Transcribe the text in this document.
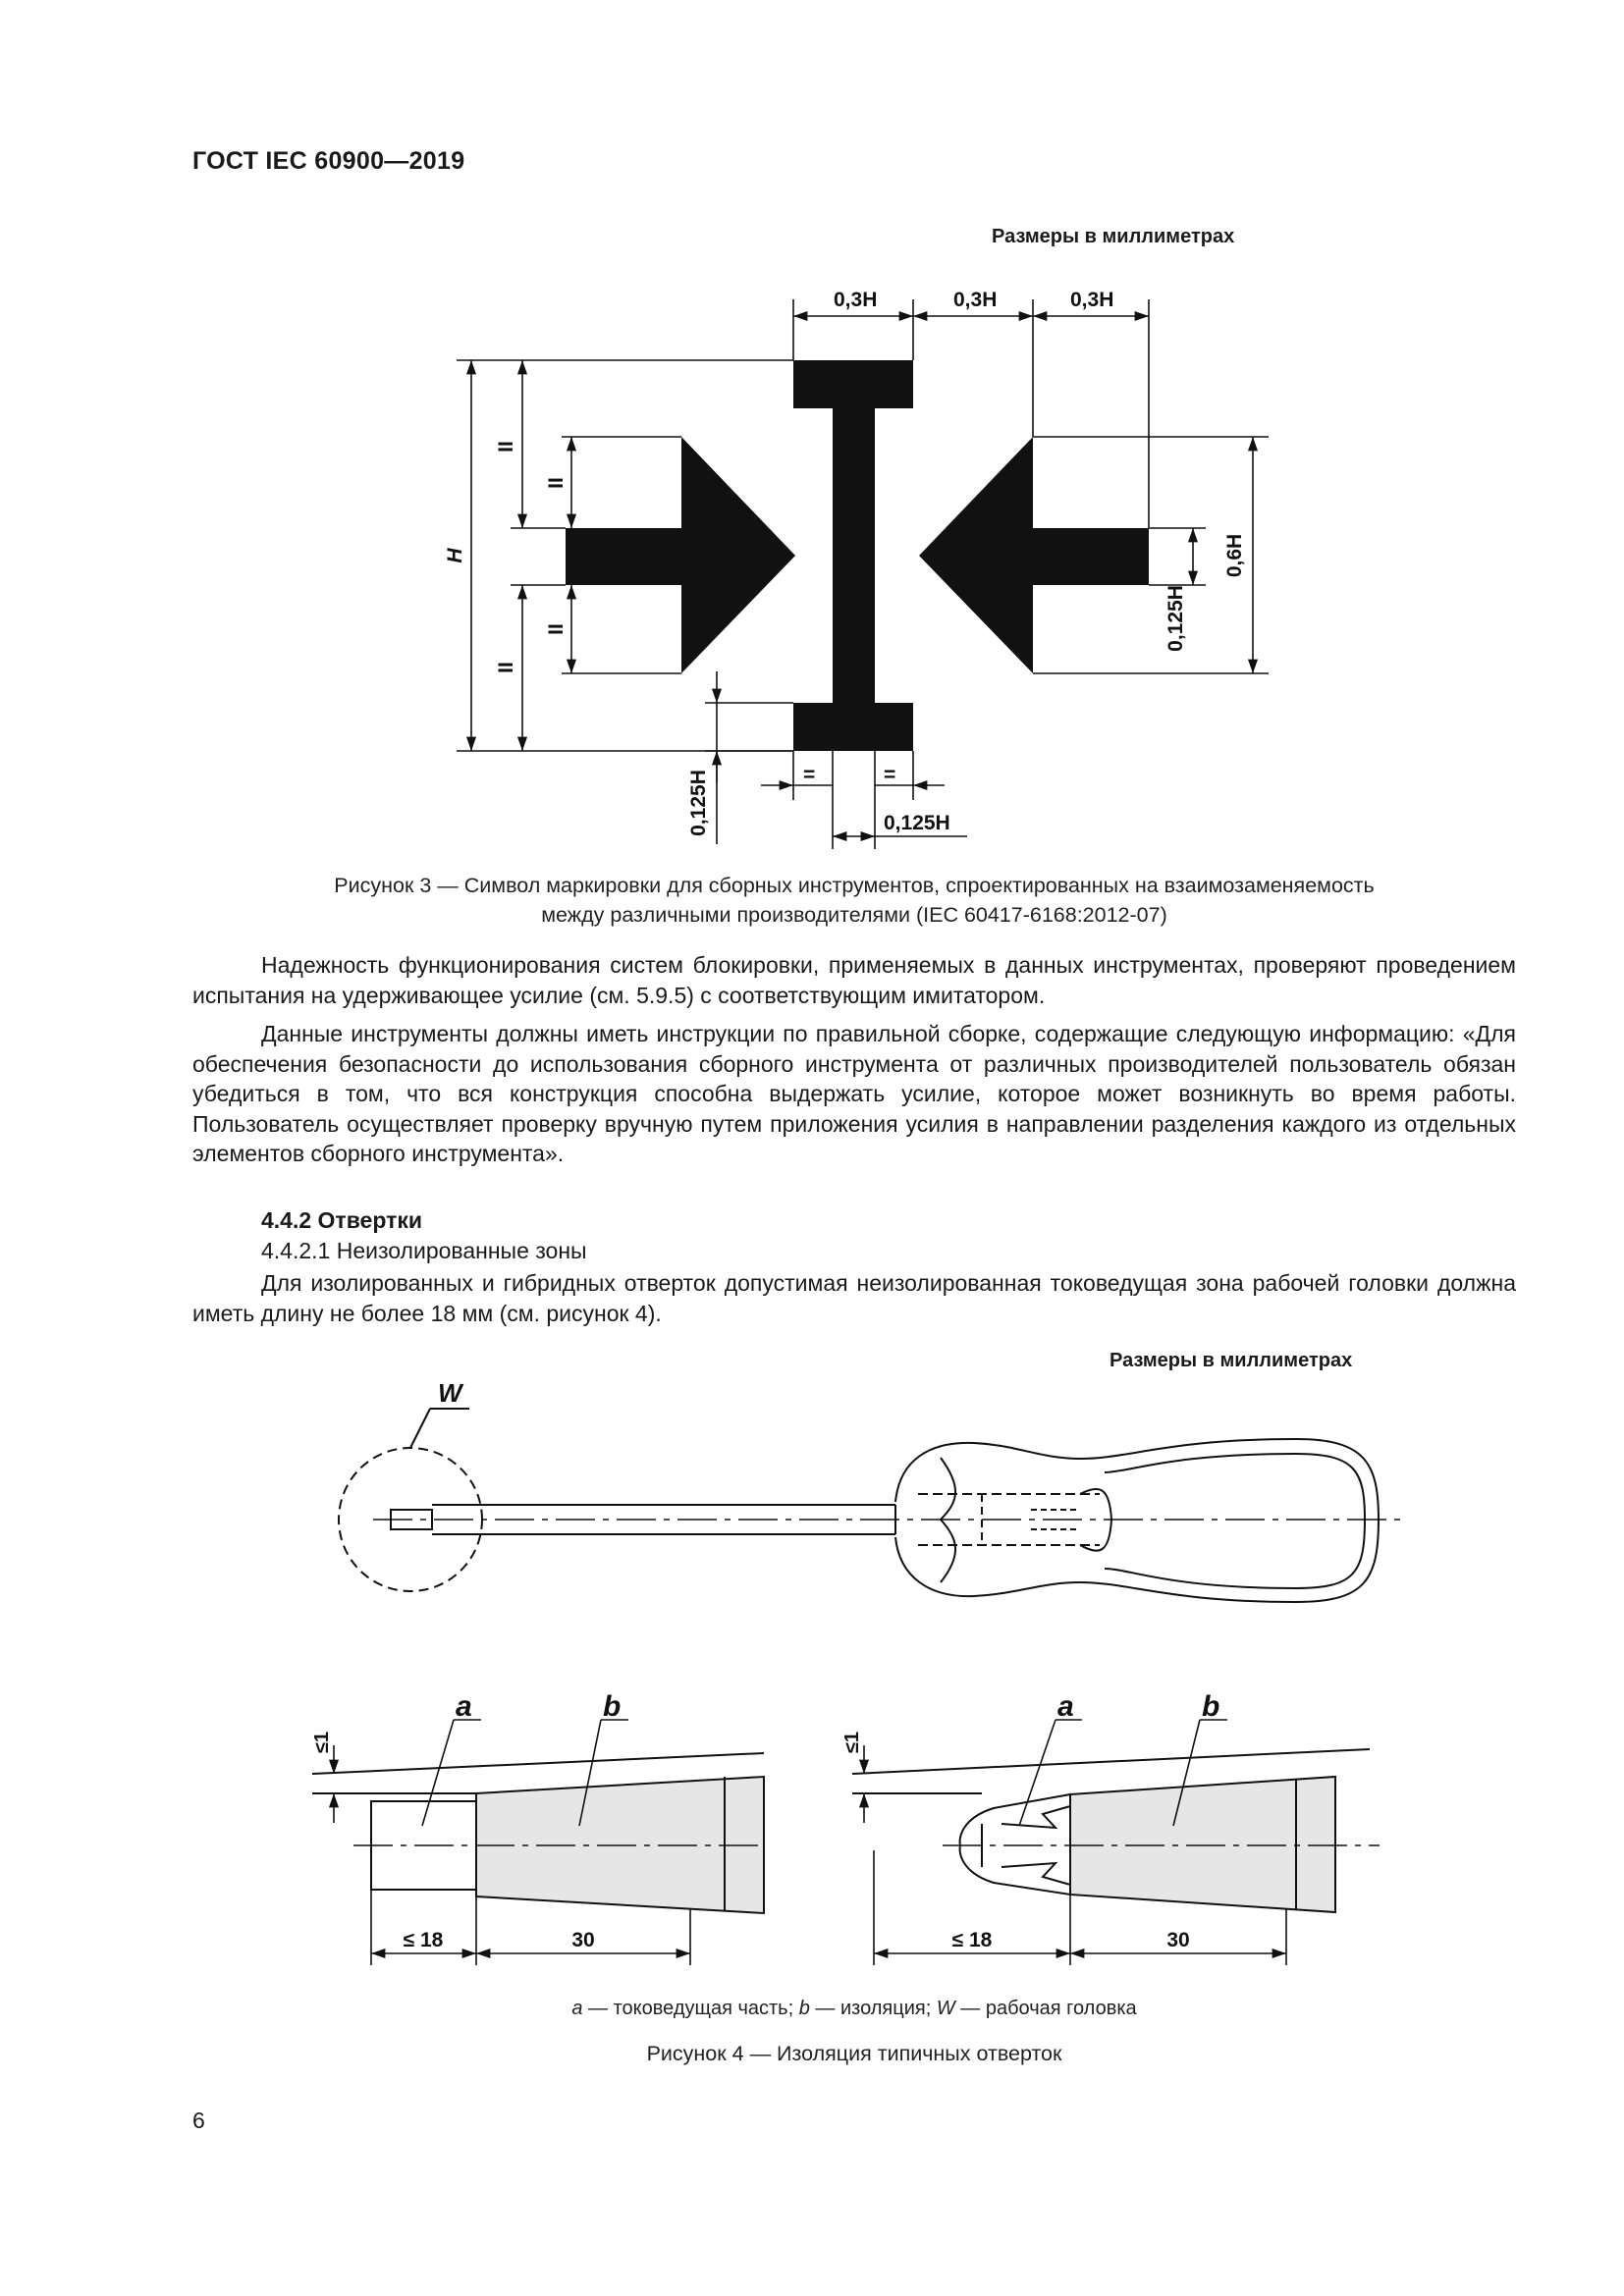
ГОСТ IEC 60900—2019
Размеры в миллиметрах
0,3H	0,3H	0,3H
H
II
II
II
II
0,6H
0,125H
0,125H	=	=
0,125H
Рисунок 3 — Символ маркировки для сборных инструментов, спроектированных на взаимозаменяемость
между различными производителями (IEC 60417-6168:2012-07)

Надежность функционирования систем блокировки, применяемых в данных инструментах, проверяют проведением испытания на удерживающее усилие (см. 5.9.5) с соответствующим имитатором.

Данные инструменты должны иметь инструкции по правильной сборке, содержащие следующую информацию: «Для обеспечения безопасности до использования сборного инструмента от различных производителей пользователь обязан убедиться в том, что вся конструкция способна выдержать усилие, которое может возникнуть во время работы. Пользователь осуществляет проверку вручную путем приложения усилия в направлении разделения каждого из отдельных элементов сборного инструмента».

4.4.2 Отвертки
4.4.2.1 Неизолированные зоны

Для изолированных и гибридных отверток допустимая неизолированная токоведущая зона рабочей головки должна иметь длину не более 18 мм (см. рисунок 4).

Размеры в миллиметрах
W
a	b	a	b
≤1	≤1
≤ 18	30	≤ 18	30
a — токоведущая часть; b — изоляция; W — рабочая головка
Рисунок 4 — Изоляция типичных отверток
6
